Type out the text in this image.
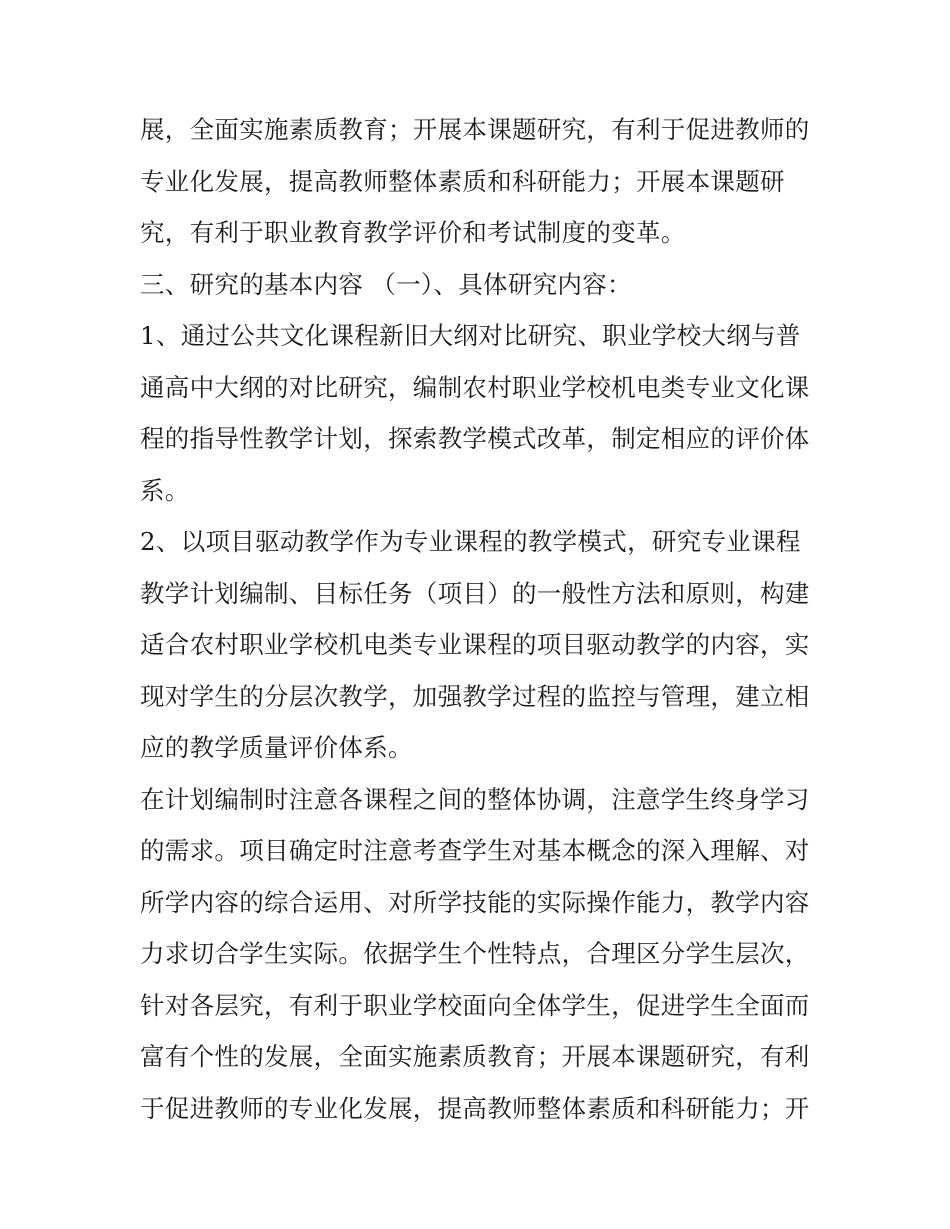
展，全面实施素质教育；开展本课题研究，有利于促进教师的
专业化发展，提高教师整体素质和科研能力；开展本课题研
究，有利于职业教育教学评价和考试制度的变革。
三、研究的基本内容 （一）、具体研究内容：
1、通过公共文化课程新旧大纲对比研究、职业学校大纲与普
通高中大纲的对比研究，编制农村职业学校机电类专业文化课
程的指导性教学计划，探索教学模式改革，制定相应的评价体
系。
2、以项目驱动教学作为专业课程的教学模式，研究专业课程
教学计划编制、目标任务（项目）的一般性方法和原则，构建
适合农村职业学校机电类专业课程的项目驱动教学的内容，实
现对学生的分层次教学，加强教学过程的监控与管理，建立相
应的教学质量评价体系。
在计划编制时注意各课程之间的整体协调，注意学生终身学习
的需求。项目确定时注意考查学生对基本概念的深入理解、对
所学内容的综合运用、对所学技能的实际操作能力，教学内容
力求切合学生实际。依据学生个性特点，合理区分学生层次，
针对各层究，有利于职业学校面向全体学生，促进学生全面而
富有个性的发展，全面实施素质教育；开展本课题研究，有利
于促进教师的专业化发展，提高教师整体素质和科研能力；开
